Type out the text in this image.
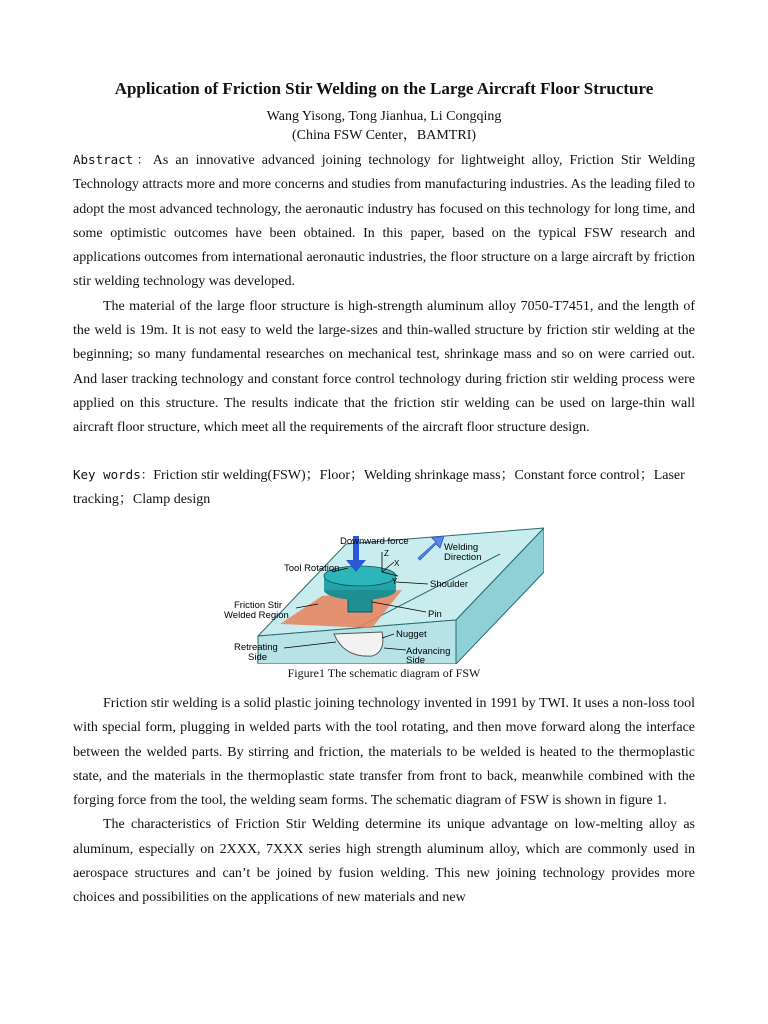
Application of Friction Stir Welding on the Large Aircraft Floor Structure
Wang Yisong, Tong Jianhua, Li Congqing
(China FSW Center，BAMTRI)

Abstract：As an innovative advanced joining technology for lightweight alloy, Friction Stir Welding Technology attracts more and more concerns and studies from manufacturing industries. As the leading filed to adopt the most advanced technology, the aeronautic industry has focused on this technology for long time, and some optimistic outcomes have been obtained. In this paper, based on the typical FSW research and applications outcomes from international aeronautic industries, the floor structure on a large aircraft by friction stir welding technology was developed.

The material of the large floor structure is high-strength aluminum alloy 7050-T7451, and the length of the weld is 19m. It is not easy to weld the large-sizes and thin-walled structure by friction stir welding at the beginning; so many fundamental researches on mechanical test, shrinkage mass and so on were carried out. And laser tracking technology and constant force control technology during friction stir welding process were applied on this structure. The results indicate that the friction stir welding can be used on large-thin wall aircraft floor structure, which meet all the requirements of the aircraft floor structure design.

Key words：Friction stir welding(FSW)；Floor；Welding shrinkage mass；Constant force control；Laser tracking；Clamp design

Z
X
Y
Downward force
Welding
Direction
Tool Rotation
Shoulder
Pin
Friction Stir
Welded Region
Nugget
Retreating
Side
Advancing
Side
Figure1 The schematic diagram of FSW

Friction stir welding is a solid plastic joining technology invented in 1991 by TWI. It uses a non-loss tool with special form, plugging in welded parts with the tool rotating, and then move forward along the interface between the welded parts. By stirring and friction, the materials to be welded is heated to the thermoplastic state, and the materials in the thermoplastic state transfer from front to back, meanwhile combined with the forging force from the tool, the welding seam forms. The schematic diagram of FSW is shown in figure 1.

The characteristics of Friction Stir Welding determine its unique advantage on low-melting alloy as aluminum, especially on 2XXX, 7XXX series high strength aluminum alloy, which are commonly used in aerospace structures and can’t be joined by fusion welding. This new joining technology provides more choices and possibilities on the applications of new materials and new
